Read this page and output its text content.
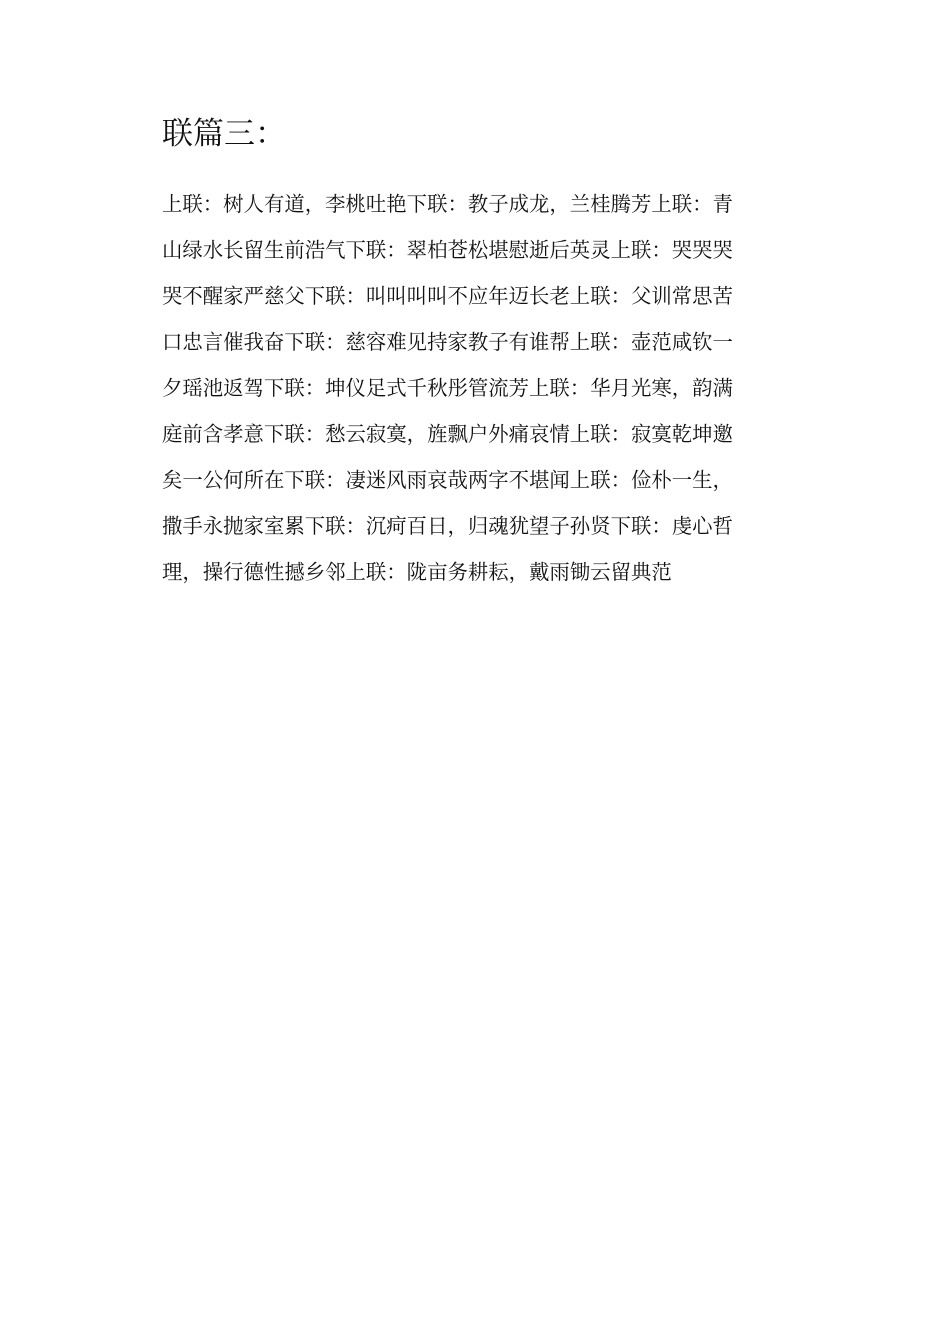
联篇三：
上联：树人有道，李桃吐艳下联：教子成龙，兰桂腾芳上联：青
山绿水长留生前浩气下联：翠柏苍松堪慰逝后英灵上联：哭哭哭
哭不醒家严慈父下联：叫叫叫叫不应年迈长老上联：父训常思苦
口忠言催我奋下联：慈容难见持家教子有谁帮上联：壶范咸钦一
夕瑶池返驾下联：坤仪足式千秋彤管流芳上联：华月光寒，韵满
庭前含孝意下联：愁云寂寞，旌飘户外痛哀情上联：寂寞乾坤邀
矣一公何所在下联：凄迷风雨哀哉两字不堪闻上联：俭朴一生，
撒手永抛家室累下联：沉疴百日，归魂犹望子孙贤下联：虔心哲
理，操行德性撼乡邻上联：陇亩务耕耘，戴雨锄云留典范
